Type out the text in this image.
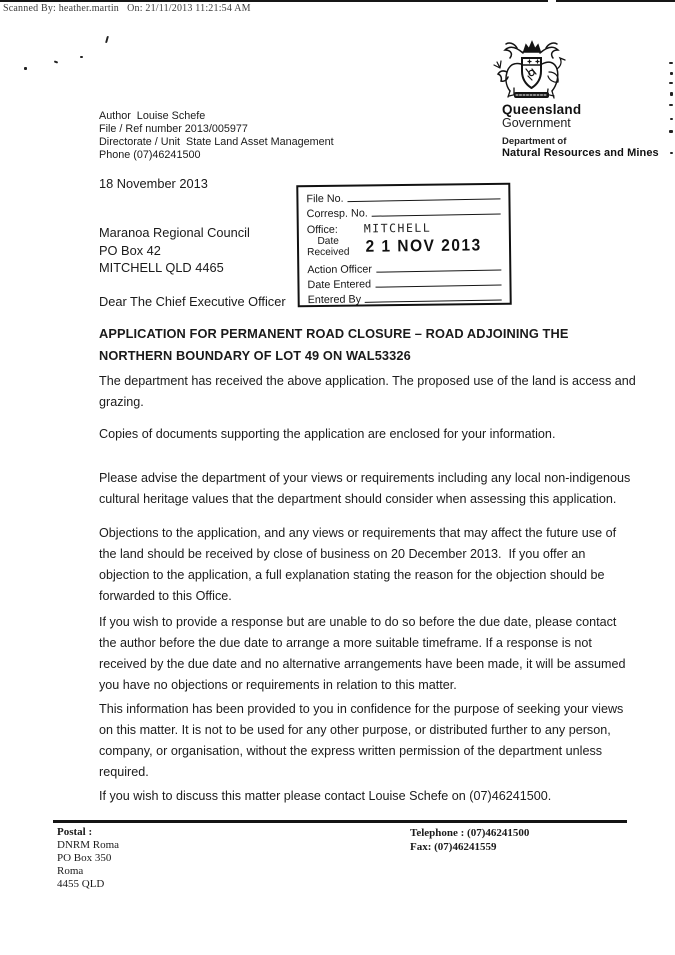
Scanned By: heather.martin   On: 21/11/2013 11:21:54 AM
Queensland
Government
Department of
Natural Resources and Mines
Author  Louise Schefe
File / Ref number 2013/005977
Directorate / Unit  State Land Asset Management
Phone (07)46241500
18 November 2013
File No.
Corresp. No.
Office: MITCHELL
Date
Received 2 1 NOV 2013
Action Officer
Date Entered
Entered By
Maranoa Regional Council
PO Box 42
MITCHELL QLD 4465
Dear The Chief Executive Officer
APPLICATION FOR PERMANENT ROAD CLOSURE – ROAD ADJOINING THE NORTHERN BOUNDARY OF LOT 49 ON WAL53326
The department has received the above application. The proposed use of the land is access and grazing.
Copies of documents supporting the application are enclosed for your information.
Please advise the department of your views or requirements including any local non-indigenous cultural heritage values that the department should consider when assessing this application.
Objections to the application, and any views or requirements that may affect the future use of the land should be received by close of business on 20 December 2013.  If you offer an objection to the application, a full explanation stating the reason for the objection should be forwarded to this Office.
If you wish to provide a response but are unable to do so before the due date, please contact the author before the due date to arrange a more suitable timeframe. If a response is not received by the due date and no alternative arrangements have been made, it will be assumed you have no objections or requirements in relation to this matter.
This information has been provided to you in confidence for the purpose of seeking your views on this matter. It is not to be used for any other purpose, or distributed further to any person, company, or organisation, without the express written permission of the department unless required.
If you wish to discuss this matter please contact Louise Schefe on (07)46241500.
Postal :
DNRM Roma
PO Box 350
Roma
4455 QLD
Telephone : (07)46241500
Fax: (07)46241559
